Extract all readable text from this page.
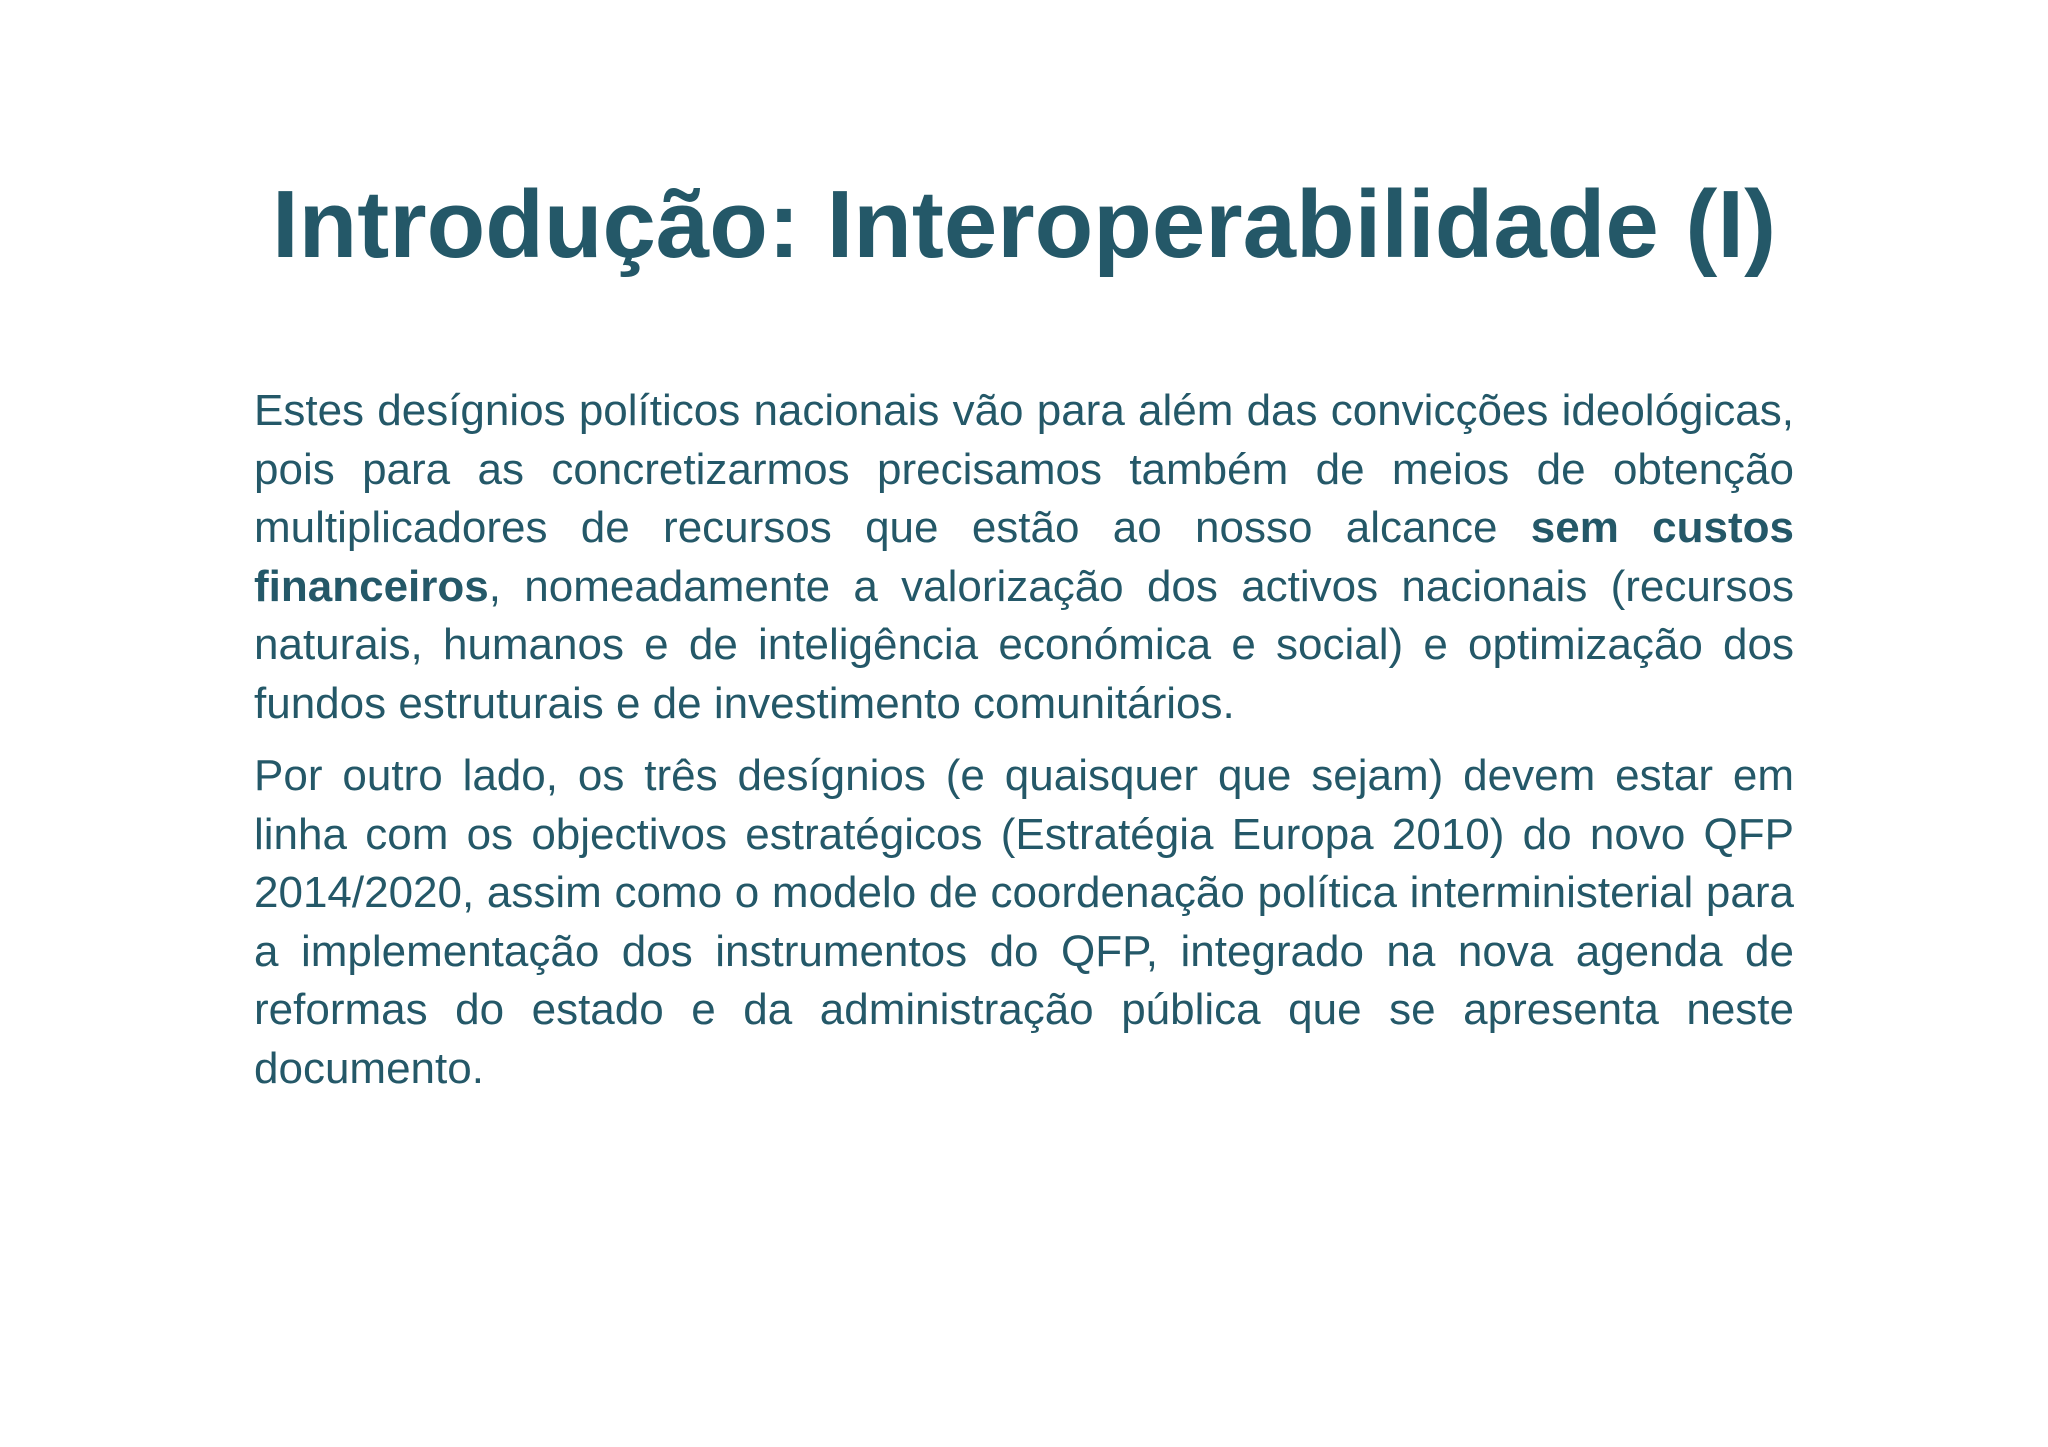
Introdução: Interoperabilidade (I)

Estes desígnios políticos nacionais vão para além das convicções ideológicas, pois para as concretizarmos precisamos também de meios de obtenção multiplicadores de recursos que estão ao nosso alcance sem custos financeiros, nomeadamente a valorização dos activos nacionais (recursos naturais, humanos e de inteligência económica e social) e optimização dos fundos estruturais e de investimento comunitários.

Por outro lado, os três desígnios (e quaisquer que sejam) devem estar em linha com os objectivos estratégicos (Estratégia Europa 2010) do novo QFP 2014/2020, assim como o modelo de coordenação política interministerial para a implementação dos instrumentos do QFP, integrado na nova agenda de reformas do estado e da administração pública que se apresenta neste documento.
